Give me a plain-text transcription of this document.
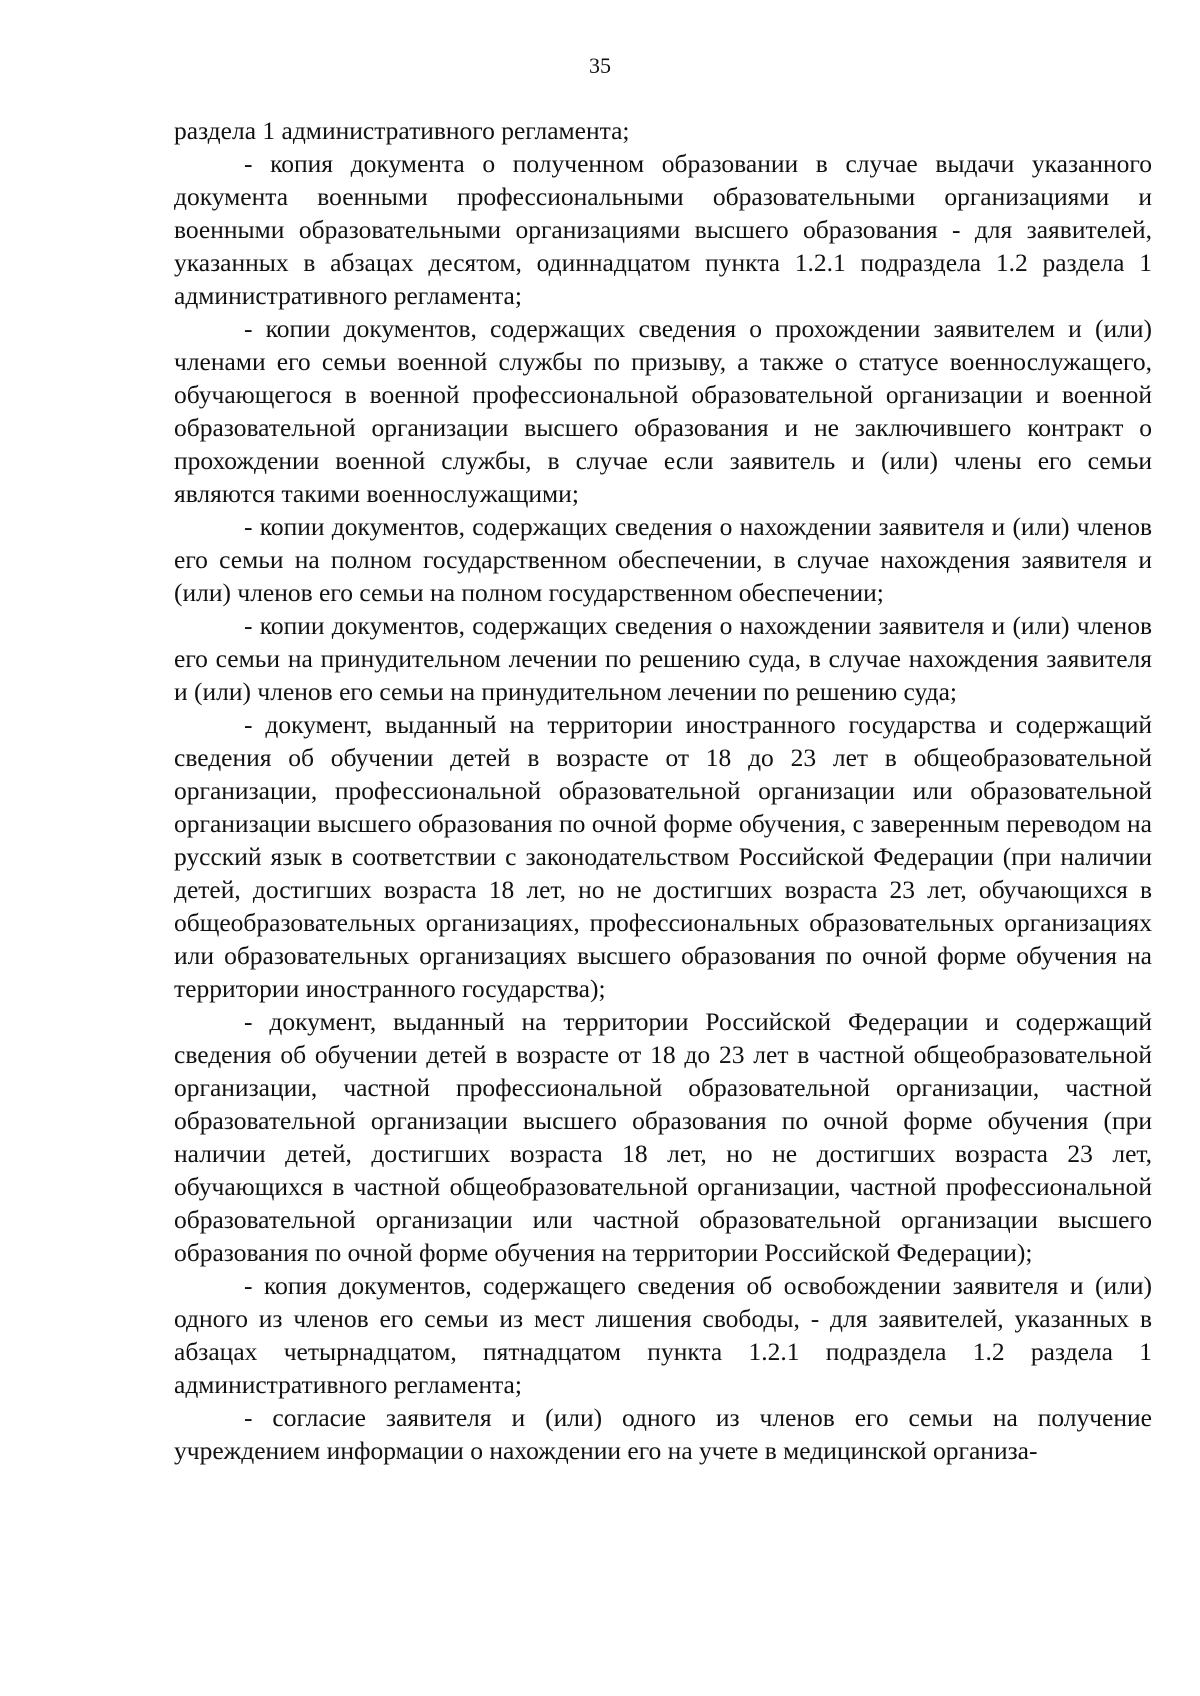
35

раздела 1 административного регламента;

- копия документа о полученном образовании в случае выдачи указанного документа военными профессиональными образовательными организациями и военными образовательными организациями высшего образования - для заявителей, указанных в абзацах десятом, одиннадцатом пункта 1.2.1 подраздела 1.2 раздела 1 административного регламента;

- копии документов, содержащих сведения о прохождении заявителем и (или) членами его семьи военной службы по призыву, а также о статусе военнослужащего, обучающегося в военной профессиональной образовательной организации и военной образовательной организации высшего образования и не заключившего контракт о прохождении военной службы, в случае если заявитель и (или) члены его семьи являются такими военнослужащими;

- копии документов, содержащих сведения о нахождении заявителя и (или) членов его семьи на полном государственном обеспечении, в случае нахождения заявителя и (или) членов его семьи на полном государственном обеспечении;

- копии документов, содержащих сведения о нахождении заявителя и (или) членов его семьи на принудительном лечении по решению суда, в случае нахождения заявителя и (или) членов его семьи на принудительном лечении по решению суда;

- документ, выданный на территории иностранного государства и содержащий сведения об обучении детей в возрасте от 18 до 23 лет в общеобразовательной организации, профессиональной образовательной организации или образовательной организации высшего образования по очной форме обучения, с заверенным переводом на русский язык в соответствии с законодательством Российской Федерации (при наличии детей, достигших возраста 18 лет, но не достигших возраста 23 лет, обучающихся в общеобразовательных организациях, профессиональных образовательных организациях или образовательных организациях высшего образования по очной форме обучения на территории иностранного государства);

- документ, выданный на территории Российской Федерации и содержащий сведения об обучении детей в возрасте от 18 до 23 лет в частной общеобразовательной организации, частной профессиональной образовательной организации, частной образовательной организации высшего образования по очной форме обучения (при наличии детей, достигших возраста 18 лет, но не достигших возраста 23 лет, обучающихся в частной общеобразовательной организации, частной профессиональной образовательной организации или частной образовательной организации высшего образования по очной форме обучения на территории Российской Федерации);

- копия документов, содержащего сведения об освобождении заявителя и (или) одного из членов его семьи из мест лишения свободы, - для заявителей, указанных в абзацах четырнадцатом, пятнадцатом пункта 1.2.1 подраздела 1.2 раздела 1 административного регламента;

- согласие заявителя и (или) одного из членов его семьи на получение учреждением информации о нахождении его на учете в медицинской организа-
